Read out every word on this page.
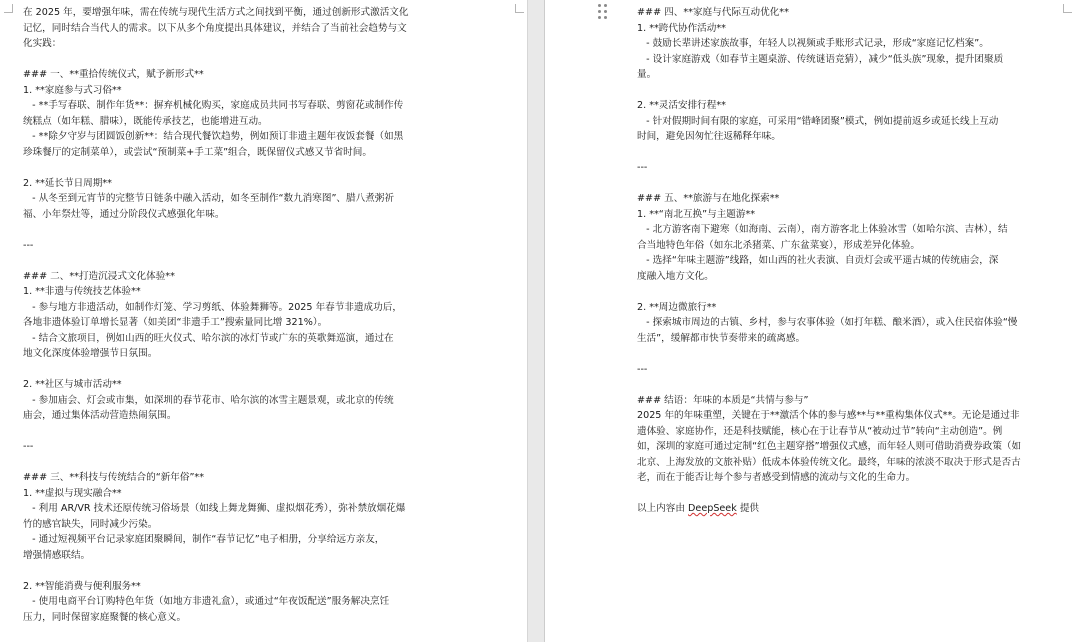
在 2025 年，要增强年味，需在传统与现代生活方式之间找到平衡，通过创新形式激活文化

记忆，同时结合当代人的需求。以下从多个角度提出具体建议，并结合了当前社会趋势与文

化实践：

### 一、**重拾传统仪式，赋予新形式**

1. **家庭参与式习俗**

- **手写春联、制作年货**：摒弃机械化购买，家庭成员共同书写春联、剪窗花或制作传

统糕点（如年糕、腊味），既能传承技艺，也能增进互动。

- **除夕守岁与团圆饭创新**：结合现代餐饮趋势，例如预订非遗主题年夜饭套餐（如黑

珍珠餐厅的定制菜单），或尝试“预制菜+手工菜”组合，既保留仪式感又节省时间。

2. **延长节日周期**

- 从冬至到元宵节的完整节日链条中融入活动，如冬至制作“数九消寒图”、腊八煮粥祈

福、小年祭灶等，通过分阶段仪式感强化年味。

---

### 二、**打造沉浸式文化体验**

1. **非遗与传统技艺体验**

- 参与地方非遗活动，如制作灯笼、学习剪纸、体验舞狮等。2025 年春节非遗成功后，

各地非遗体验订单增长显著（如美团“非遗手工”搜索量同比增 321%）。

- 结合文旅项目，例如山西的旺火仪式、哈尔滨的冰灯节或广东的英歌舞巡演，通过在

地文化深度体验增强节日氛围。

2. **社区与城市活动**

- 参加庙会、灯会或市集，如深圳的春节花市、哈尔滨的冰雪主题景观，或北京的传统

庙会，通过集体活动营造热闹氛围。

---

### 三、**科技与传统结合的“新年俗”**

1. **虚拟与现实融合**

- 利用 AR/VR 技术还原传统习俗场景（如线上舞龙舞狮、虚拟烟花秀），弥补禁放烟花爆

竹的感官缺失，同时减少污染。

- 通过短视频平台记录家庭团聚瞬间，制作“春节记忆”电子相册，分享给远方亲友，

增强情感联结。

2. **智能消费与便利服务**

- 使用电商平台订购特色年货（如地方非遗礼盒），或通过“年夜饭配送”服务解决烹饪

压力，同时保留家庭聚餐的核心意义。

### 四、**家庭与代际互动优化**

1. **跨代协作活动**

- 鼓励长辈讲述家族故事，年轻人以视频或手账形式记录，形成“家庭记忆档案”。

- 设计家庭游戏（如春节主题桌游、传统谜语竞猜），减少“低头族”现象，提升团聚质

量。

2. **灵活安排行程**

- 针对假期时间有限的家庭，可采用“错峰团聚”模式，例如提前返乡或延长线上互动

时间，避免因匆忙往返稀释年味。

---

### 五、**旅游与在地化探索**

1. **“南北互换”与主题游**

- 北方游客南下避寒（如海南、云南），南方游客北上体验冰雪（如哈尔滨、吉林），结

合当地特色年俗（如东北杀猪菜、广东盆菜宴），形成差异化体验。

- 选择“年味主题游”线路，如山西的社火表演、自贡灯会或平遥古城的传统庙会，深

度融入地方文化。

2. **周边微旅行**

- 探索城市周边的古镇、乡村，参与农事体验（如打年糕、酿米酒），或入住民宿体验“慢

生活”，缓解都市快节奏带来的疏离感。

---

### 结语：年味的本质是“共情与参与”

2025 年的年味重塑，关键在于**激活个体的参与感**与**重构集体仪式**。无论是通过非

遗体验、家庭协作，还是科技赋能，核心在于让春节从“被动过节”转向“主动创造”。例

如，深圳的家庭可通过定制“红色主题穿搭”增强仪式感，而年轻人则可借助消费券政策（如

北京、上海发放的文旅补贴）低成本体验传统文化。最终，年味的浓淡不取决于形式是否古

老，而在于能否让每个参与者感受到情感的流动与文化的生命力。

以上内容由 DeepSeek 提供
